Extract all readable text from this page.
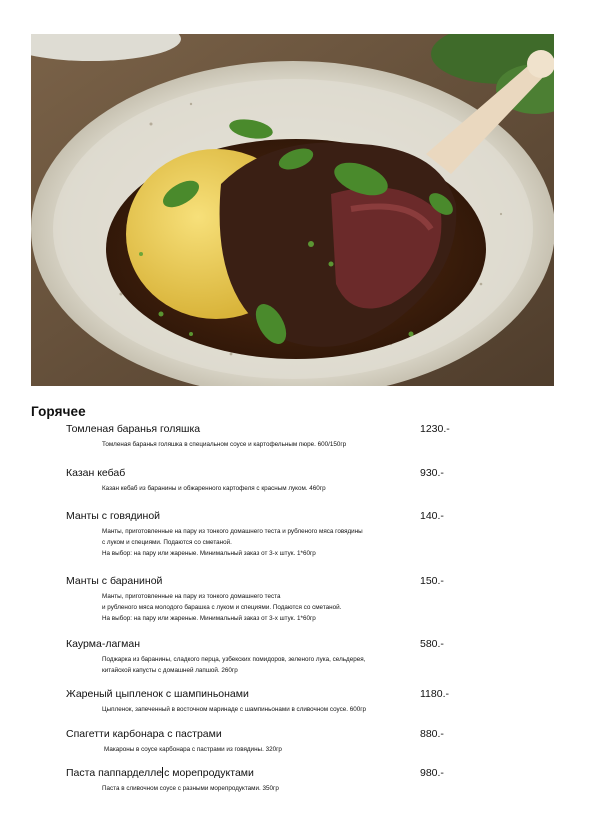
Горячее
Томленая баранья голяшка	1230.-
Томленая баранья голяшка в специальном соусе и картофельным пюре. 600/150гр
Казан кебаб	930.-
Казан кебаб из баранины и обжаренного картофеля с красным луком. 460гр
Манты с говядиной	140.-
Манты, приготовленные на пару из тонкого домашнего теста и рубленого мяса говядины
с луком и специями. Подаются со сметаной.
На выбор: на пару или жареные. Минимальный заказ от 3-х штук. 1*60гр
Манты с бараниной	150.-
Манты, приготовленные на пару из тонкого домашнего теста
и рубленого мяса молодого барашка с луком и специями. Подаются со сметаной.
На выбор: на пару или жареные. Минимальный заказ от 3-х штук. 1*60гр
Каурма-лагман	580.-
Поджарка из баранины, сладкого перца, узбекских помидоров, зеленого лука, сельдерея,
китайской капусты с домашней лапшой. 260гр
Жареный цыпленок с шампиньонами	1180.-
Цыпленок, запеченный в восточном маринаде с шампиньонами в сливочном соусе. 600гр
Спагетти карбонара с пастрами	880.-
Макароны в соусе карбонара с пастрами из говядины. 320гр
Паста паппарделле с морепродуктами	980.-
Паста в сливочном соусе с разными морепродуктами. 350гр
